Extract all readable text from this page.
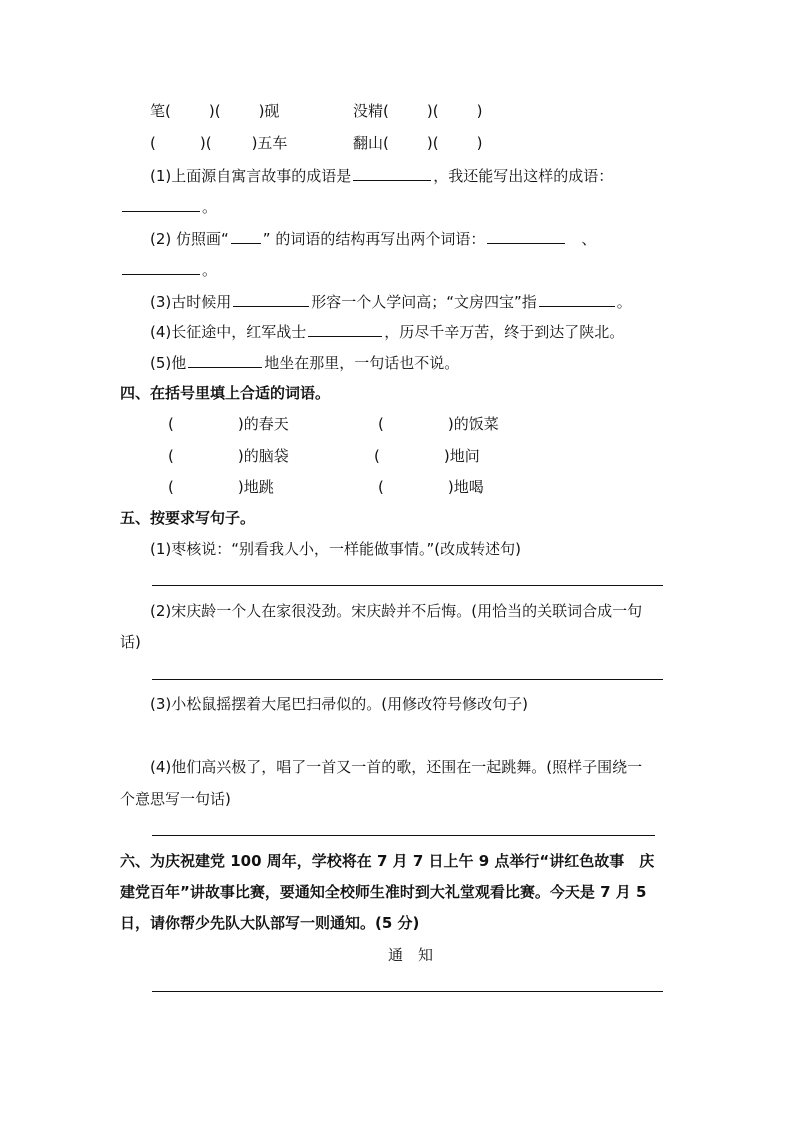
笔(	)(	)砚	没精(	)(	)
(	)(	)五车	翻山(	)(	)
(1)上面源自寓言故事的成语是	，我还能写出这样的成语：
。
(2) 仿照画“ ” 的词语的结构再写出两个词语：	、
。
(3)古时候用	形容一个人学问高；“文房四宝”指	。
(4)长征途中，红军战士	，历尽千辛万苦，终于到达了陕北。
(5)他	地坐在那里，一句话也不说。
四、在括号里填上合适的词语。
(	)的春天	(	)的饭菜
(	)的脑袋	(	)地问
(	)地跳	(	)地喝
五、按要求写句子。
(1)枣核说：“别看我人小，一样能做事情。”(改成转述句)
(2)宋庆龄一个人在家很没劲。宋庆龄并不后悔。(用恰当的关联词合成一句
话)
(3)小松鼠摇摆着大尾巴扫帚似的。(用修改符号修改句子)
(4)他们高兴极了，唱了一首又一首的歌，还围在一起跳舞。(照样子围绕一
个意思写一句话)
六、为庆祝建党 100 周年，学校将在 7 月 7 日上午 9 点举行“讲红色故事　庆
建党百年”讲故事比赛，要通知全校师生准时到大礼堂观看比赛。今天是 7 月 5
日，请你帮少先队大队部写一则通知。(5 分)
通　知
